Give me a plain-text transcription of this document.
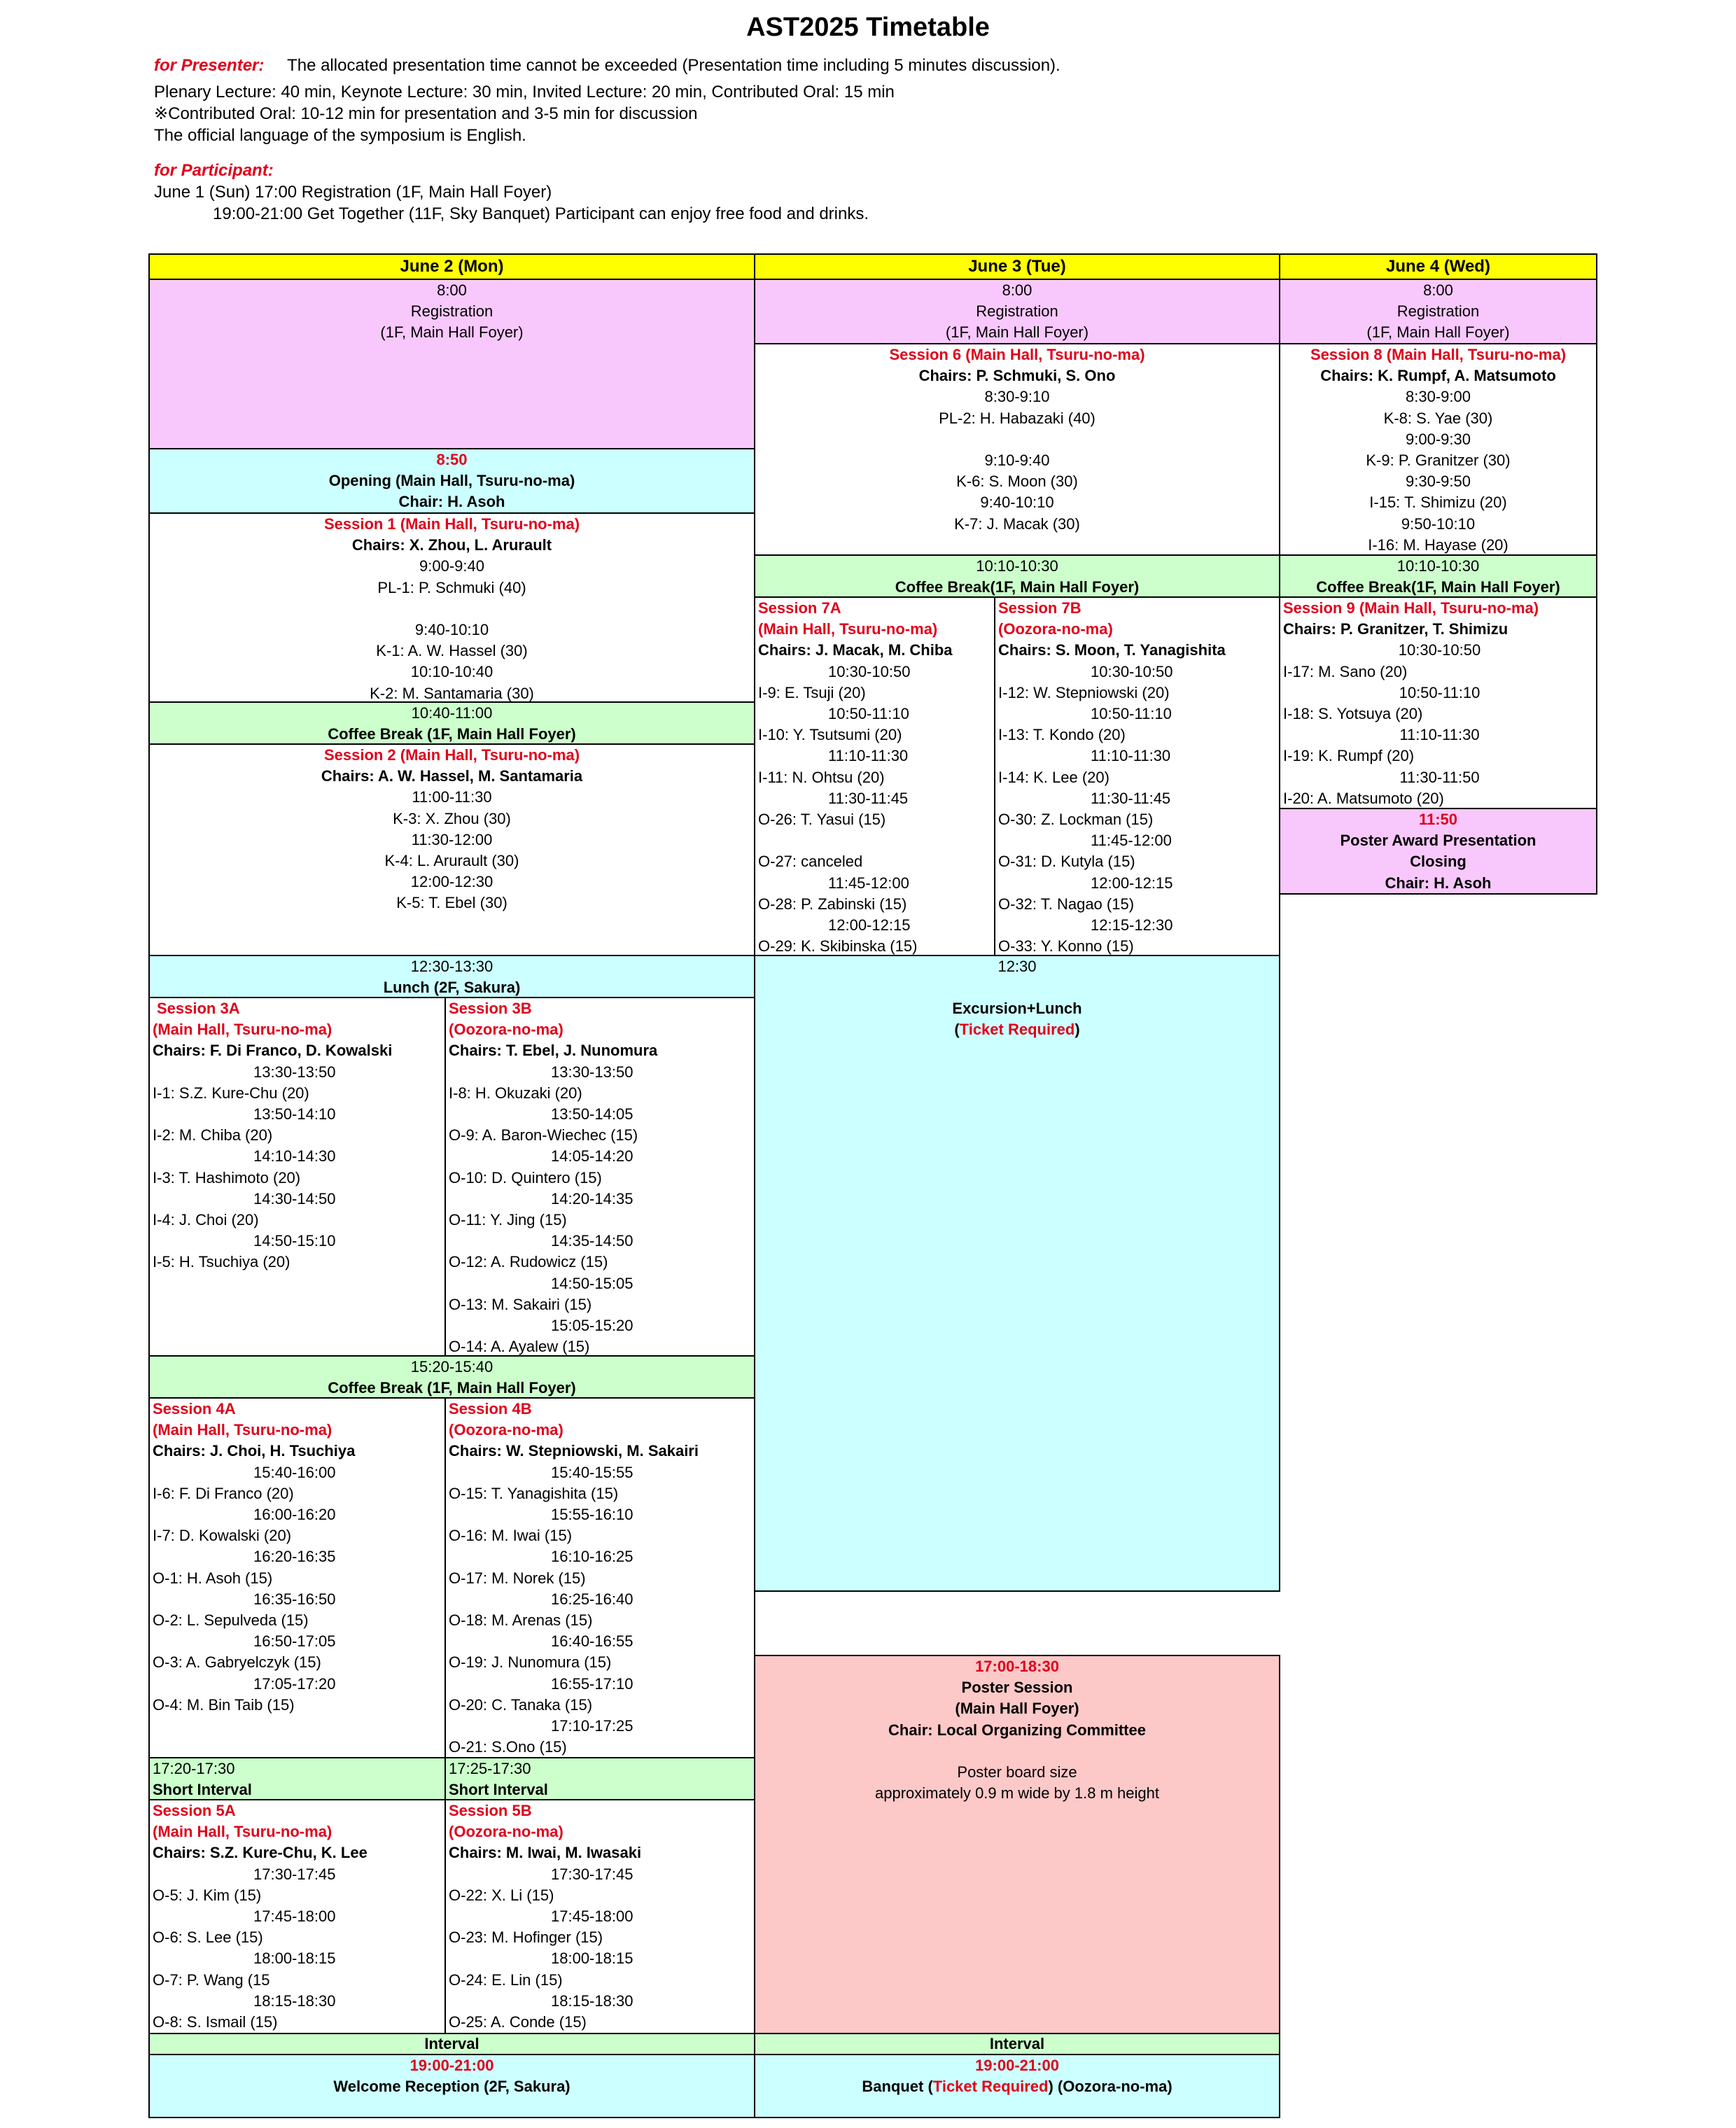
AST2025 Timetable
for Presenter: The allocated presentation time cannot be exceeded (Presentation time including 5 minutes discussion).
Plenary Lecture: 40 min, Keynote Lecture: 30 min, Invited Lecture: 20 min, Contributed Oral: 15 min
※Contributed Oral: 10-12 min for presentation and 3-5 min for discussion
The official language of the symposium is English.
for Participant:
June 1 (Sun) 17:00 Registration (1F, Main Hall Foyer)
19:00-21:00 Get Together (11F, Sky Banquet) Participant can enjoy free food and drinks.
June 2 (Mon)	June 3 (Tue)	June 4 (Wed)
8:00
Registration
(1F, Main Hall Foyer)
8:50
Opening (Main Hall, Tsuru-no-ma)
Chair: H. Asoh
Session 1 (Main Hall, Tsuru-no-ma)
Chairs: X. Zhou, L. Arurault
9:00-9:40
PL-1: P. Schmuki (40)

9:40-10:10
K-1: A. W. Hassel (30)
10:10-10:40
K-2: M. Santamaria (30)
10:40-11:00
Coffee Break (1F, Main Hall Foyer)
Session 2 (Main Hall, Tsuru-no-ma)
Chairs: A. W. Hassel, M. Santamaria
11:00-11:30
K-3: X. Zhou (30)
11:30-12:00
K-4: L. Arurault (30)
12:00-12:30
K-5: T. Ebel (30)
12:30-13:30
Lunch (2F, Sakura)
Session 3A
(Main Hall, Tsuru-no-ma)
Chairs: F. Di Franco, D. Kowalski
13:30-13:50
I-1: S.Z. Kure-Chu (20)
13:50-14:10
I-2: M. Chiba (20)
14:10-14:30
I-3: T. Hashimoto (20)
14:30-14:50
I-4: J. Choi (20)
14:50-15:10
I-5: H. Tsuchiya (20)
Session 3B
(Oozora-no-ma)
Chairs: T. Ebel, J. Nunomura
13:30-13:50
I-8: H. Okuzaki (20)
13:50-14:05
O-9: A. Baron-Wiechec (15)
14:05-14:20
O-10: D. Quintero (15)
14:20-14:35
O-11: Y. Jing (15)
14:35-14:50
O-12: A. Rudowicz (15)
14:50-15:05
O-13: M. Sakairi (15)
15:05-15:20
O-14: A. Ayalew (15)
15:20-15:40
Coffee Break (1F, Main Hall Foyer)
Session 4A
(Main Hall, Tsuru-no-ma)
Chairs: J. Choi, H. Tsuchiya
15:40-16:00
I-6: F. Di Franco (20)
16:00-16:20
I-7: D. Kowalski (20)
16:20-16:35
O-1: H. Asoh (15)
16:35-16:50
O-2: L. Sepulveda (15)
16:50-17:05
O-3: A. Gabryelczyk (15)
17:05-17:20
O-4: M. Bin Taib (15)
Session 4B
(Oozora-no-ma)
Chairs: W. Stepniowski, M. Sakairi
15:40-15:55
O-15: T. Yanagishita (15)
15:55-16:10
O-16: M. Iwai (15)
16:10-16:25
O-17: M. Norek (15)
16:25-16:40
O-18: M. Arenas (15)
16:40-16:55
O-19: J. Nunomura (15)
16:55-17:10
O-20: C. Tanaka (15)
17:10-17:25
O-21: S.Ono (15)
17:20-17:30
Short Interval
17:25-17:30
Short Interval
Session 5A
(Main Hall, Tsuru-no-ma)
Chairs: S.Z. Kure-Chu, K. Lee
17:30-17:45
O-5: J. Kim (15)
17:45-18:00
O-6: S. Lee (15)
18:00-18:15
O-7: P. Wang (15
18:15-18:30
O-8: S. Ismail (15)
Session 5B
(Oozora-no-ma)
Chairs: M. Iwai, M. Iwasaki
17:30-17:45
O-22: X. Li (15)
17:45-18:00
O-23: M. Hofinger (15)
18:00-18:15
O-24: E. Lin (15)
18:15-18:30
O-25: A. Conde (15)
Interval
19:00-21:00
Welcome Reception (2F, Sakura)
8:00
Registration
(1F, Main Hall Foyer)
Session 6 (Main Hall, Tsuru-no-ma)
Chairs: P. Schmuki, S. Ono
8:30-9:10
PL-2: H. Habazaki (40)

9:10-9:40
K-6: S. Moon (30)
9:40-10:10
K-7: J. Macak (30)
10:10-10:30
Coffee Break(1F, Main Hall Foyer)
Session 7A
(Main Hall, Tsuru-no-ma)
Chairs: J. Macak, M. Chiba
10:30-10:50
I-9: E. Tsuji (20)
10:50-11:10
I-10: Y. Tsutsumi (20)
11:10-11:30
I-11: N. Ohtsu (20)
11:30-11:45
O-26: T. Yasui (15)

O-27: canceled
11:45-12:00
O-28: P. Zabinski (15)
12:00-12:15
O-29: K. Skibinska (15)
Session 7B
(Oozora-no-ma)
Chairs: S. Moon, T. Yanagishita
10:30-10:50
I-12: W. Stepniowski (20)
10:50-11:10
I-13: T. Kondo (20)
11:10-11:30
I-14: K. Lee (20)
11:30-11:45
O-30: Z. Lockman (15)
11:45-12:00
O-31: D. Kutyla (15)
12:00-12:15
O-32: T. Nagao (15)
12:15-12:30
O-33: Y. Konno (15)
12:30
Excursion+Lunch
(Ticket Required)
17:00-18:30
Poster Session
(Main Hall Foyer)
Chair: Local Organizing Committee
Poster board size
approximately 0.9 m wide by 1.8 m height
Interval
19:00-21:00
Banquet (Ticket Required) (Oozora-no-ma)
8:00
Registration
(1F, Main Hall Foyer)
Session 8 (Main Hall, Tsuru-no-ma)
Chairs: K. Rumpf, A. Matsumoto
8:30-9:00
K-8: S. Yae (30)
9:00-9:30
K-9: P. Granitzer (30)
9:30-9:50
I-15: T. Shimizu (20)
9:50-10:10
I-16: M. Hayase (20)
10:10-10:30
Coffee Break(1F, Main Hall Foyer)
Session 9 (Main Hall, Tsuru-no-ma)
Chairs: P. Granitzer, T. Shimizu
10:30-10:50
I-17: M. Sano (20)
10:50-11:10
I-18: S. Yotsuya (20)
11:10-11:30
I-19: K. Rumpf (20)
11:30-11:50
I-20: A. Matsumoto (20)
11:50
Poster Award Presentation
Closing
Chair: H. Asoh
